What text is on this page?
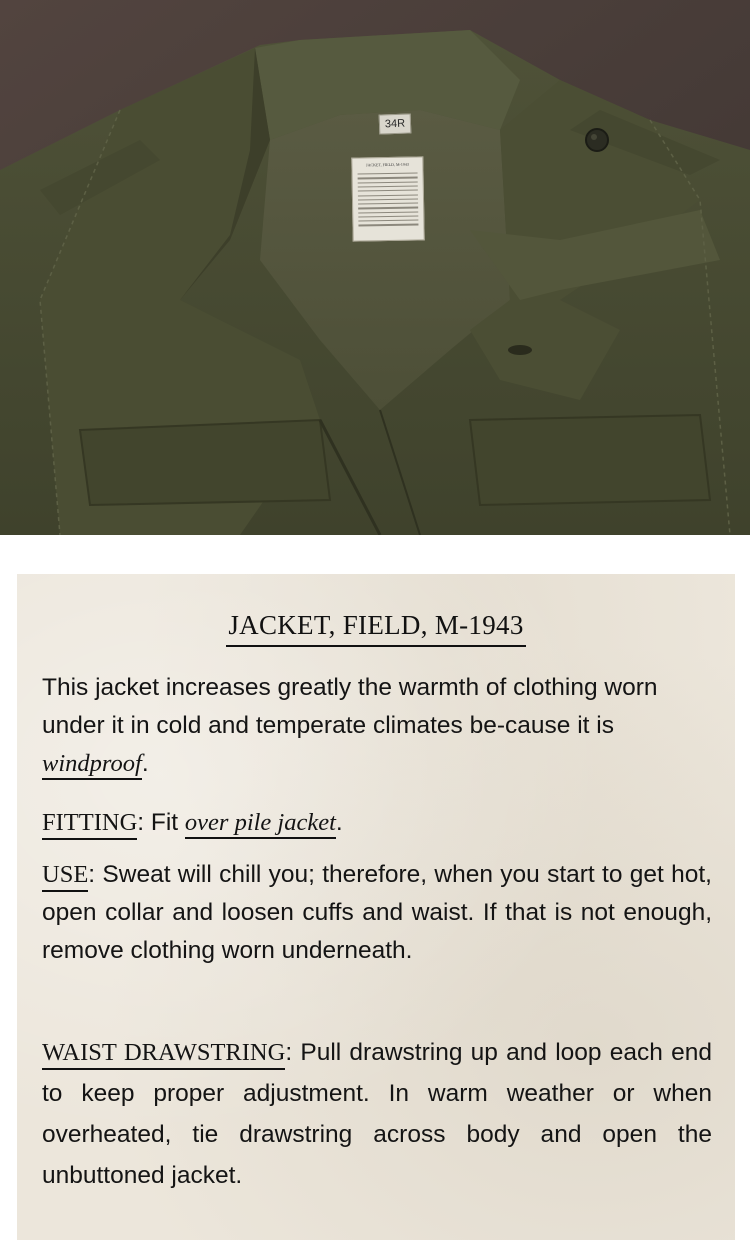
34R
JACKET, FIELD, M-1943
JACKET, FIELD, M-1943
This jacket increases greatly the warmth of clothing worn under it in cold and temperate climates be-cause it is windproof.
FITTING: Fit over pile jacket.
USE: Sweat will chill you; therefore, when you start to get hot, open collar and loosen cuffs and waist. If that is not enough, remove clothing worn underneath.
WAIST DRAWSTRING: Pull drawstring up and loop each end to keep proper adjustment. In warm weather or when overheated, tie drawstring across body and open the unbuttoned jacket.
